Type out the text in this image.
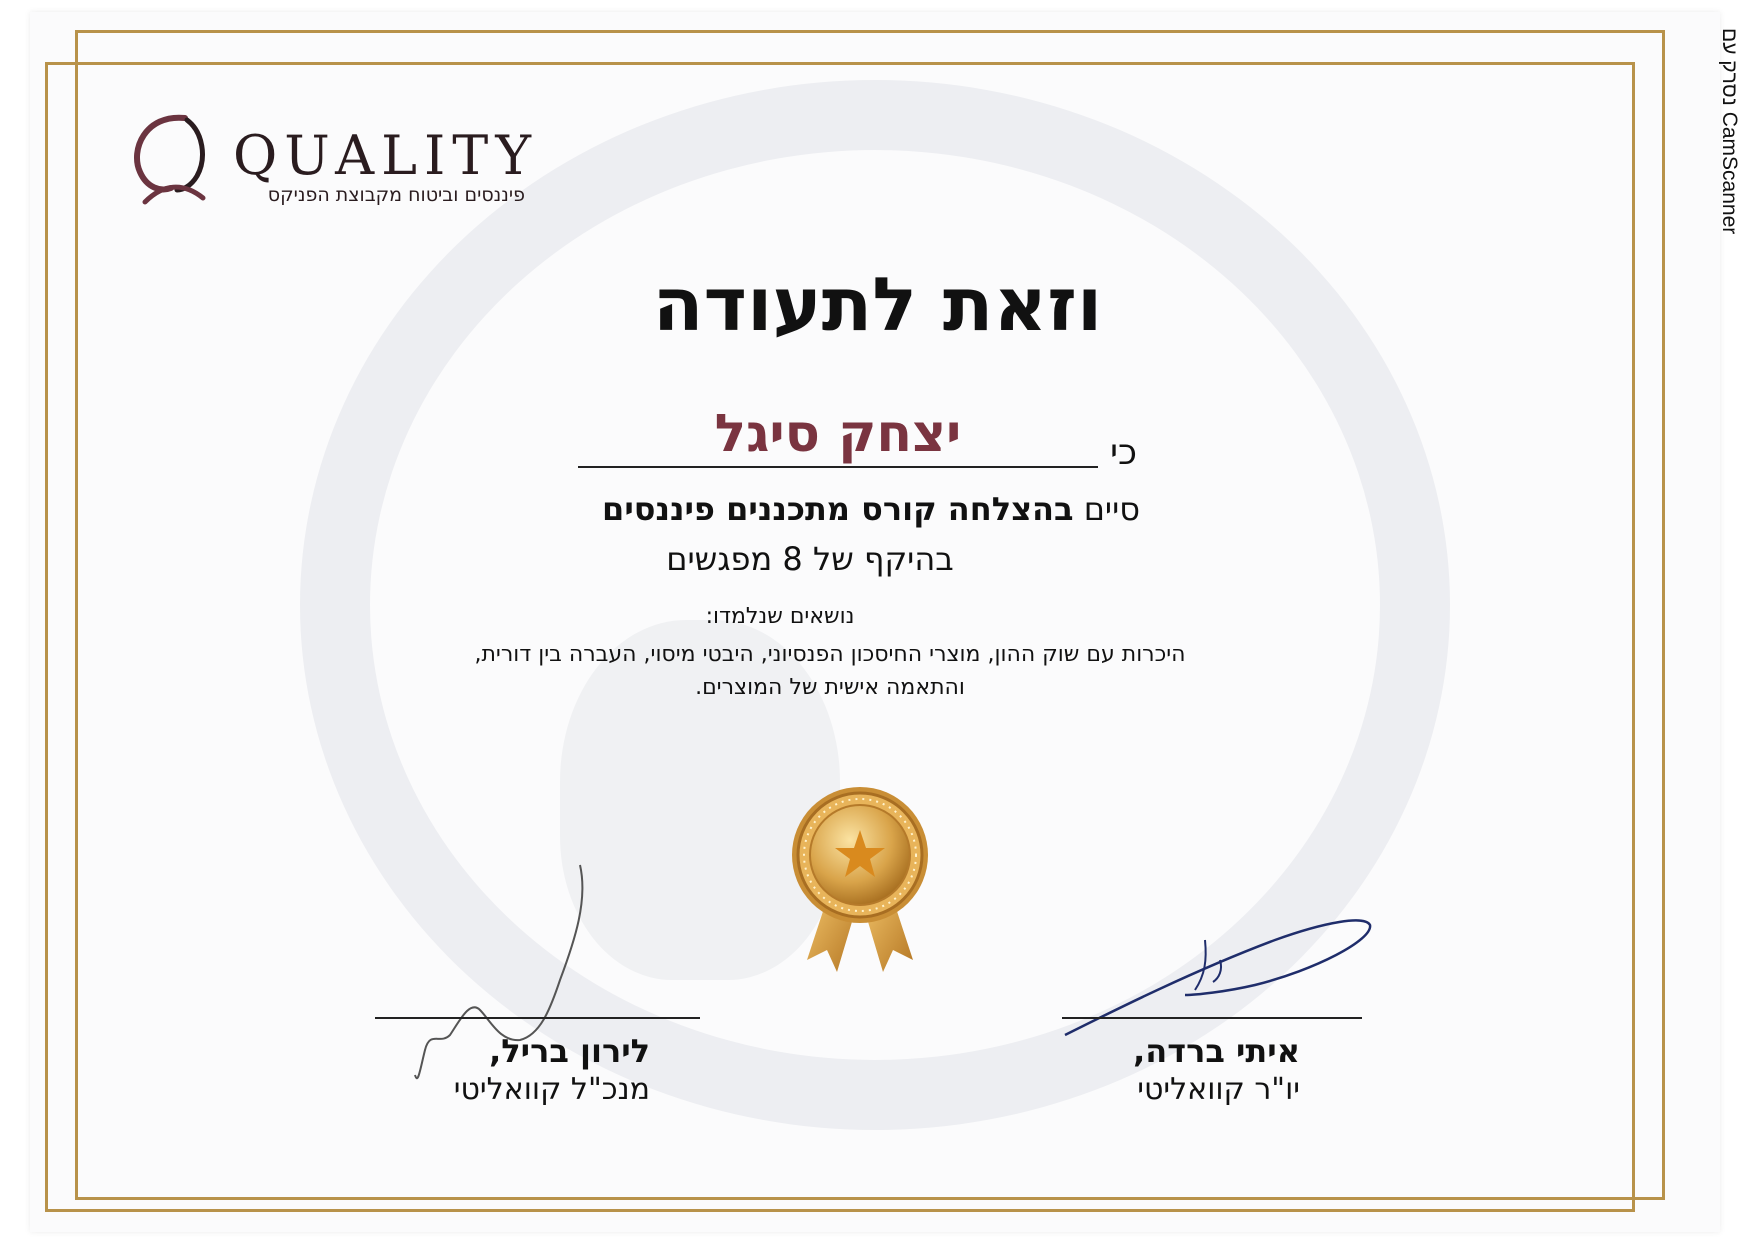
נסרק עם CamScanner
QUALITY
פיננסים וביטוח מקבוצת הפניקס
וזאת לתעודה
כי
יצחק סיגל
סיים בהצלחה קורס מתכננים פיננסים
בהיקף של 8 מפגשים
נושאים שנלמדו:
היכרות עם שוק ההון, מוצרי החיסכון הפנסיוני, היבטי מיסוי, העברה בין דורית,
והתאמה אישית של המוצרים.
לירון בריל,
מנכ"ל קוואליטי
איתי ברדה,
יו"ר קוואליטי
